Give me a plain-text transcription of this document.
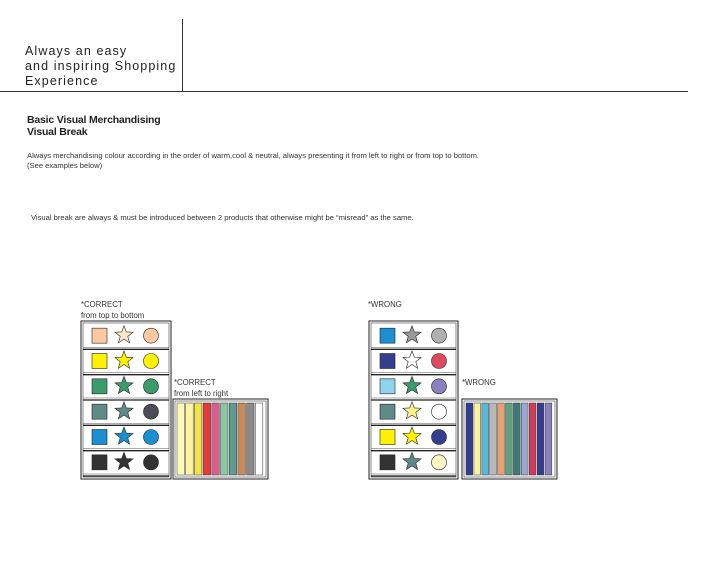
Always an easy
and inspiring Shopping
Experience
Basic Visual Merchandising
Visual Break
Always merchandising colour according in the order of warm,cool & neutral, always presenting it from left to right or from top to bottom.
(See examples below)
Visual break are always & must be introduced between 2 products that otherwise might be “misread” as the same.
*CORRECT
from top to bottom
*CORRECT
from left to right
*WRONG
*WRONG
